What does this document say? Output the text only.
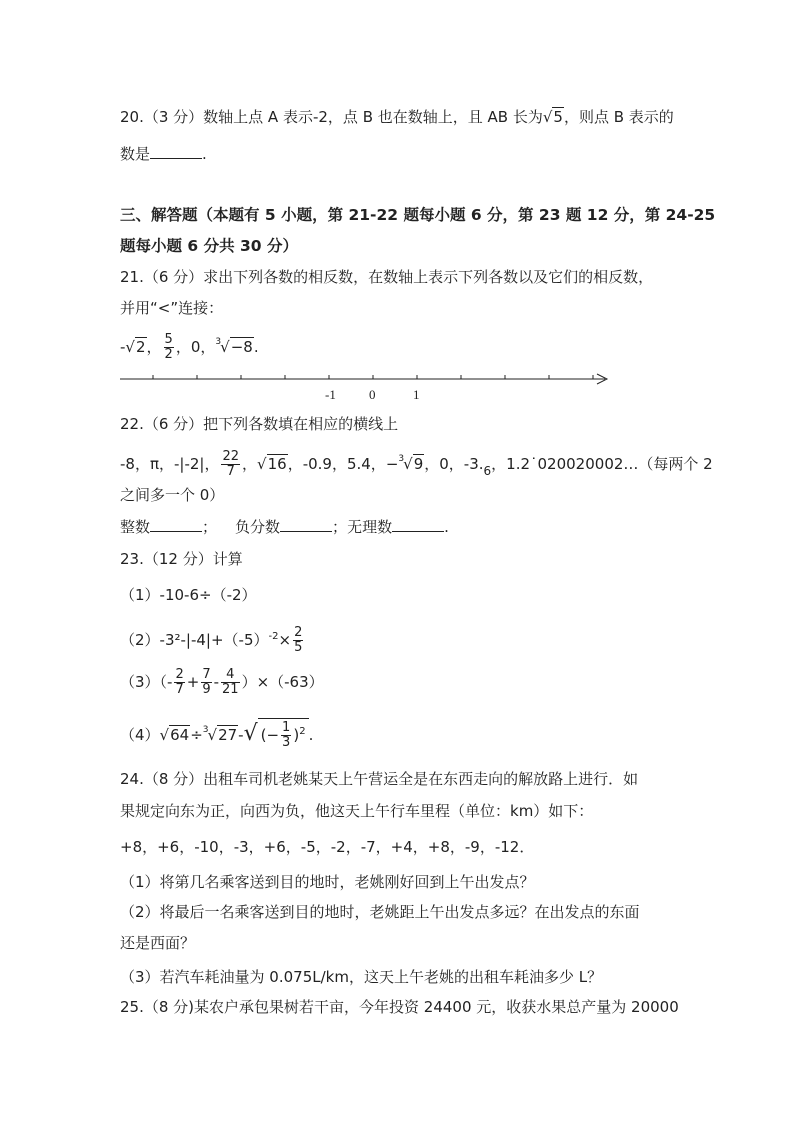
20.（3 分）数轴上点 A 表示-2，点 B 也在数轴上，且 AB 长为√5，则点 B 表示的
数是	.
三、解答题（本题有 5 小题，第 21-22 题每小题 6 分，第 23 题 12 分，第 24-25
题每小题 6 分共 30 分）
21.（6 分）求出下列各数的相反数，在数轴上表示下列各数以及它们的相反数，
并用“<”连接：
-√2， $\frac{5}{2}$ ，0，$^3$√−8.
-1	0	1
22.（6 分）把下列各数填在相应的横线上
-8，π，-|-2|， $\frac{22}{7}$ ，√16，-0.9，5.4，−$^3$√9，0，$-3._6$，1.2˙020020002…（每两个 2
之间多一个 0）
整数	； 负分数	；无理数	.
23.（12 分）计算
（1）-10-6÷（-2）
$(2)-3^2-|-4|+(-5)^{-2}\times \frac{2}{5}$
$(3)(- \frac{2}{7} + \frac{7}{9} - \frac{4}{21} )\times(-63)$
（4）√64÷$^3$√27-√ (− $\frac{1}{3} )^2$ .
24.（8 分）出租车司机老姚某天上午营运全是在东西走向的解放路上进行．如
果规定向东为正，向西为负，他这天上午行车里程（单位：km）如下：
+8，+6，-10，-3，+6，-5，-2，-7，+4，+8，-9，-12．
（1）将第几名乘客送到目的地时，老姚刚好回到上午出发点？
（2）将最后一名乘客送到目的地时，老姚距上午出发点多远？在出发点的东面
还是西面？
（3）若汽车耗油量为 0.075L/km，这天上午老姚的出租车耗油多少 L？
25.（8 分)某农户承包果树若干亩，今年投资 24400 元，收获水果总产量为 20000
